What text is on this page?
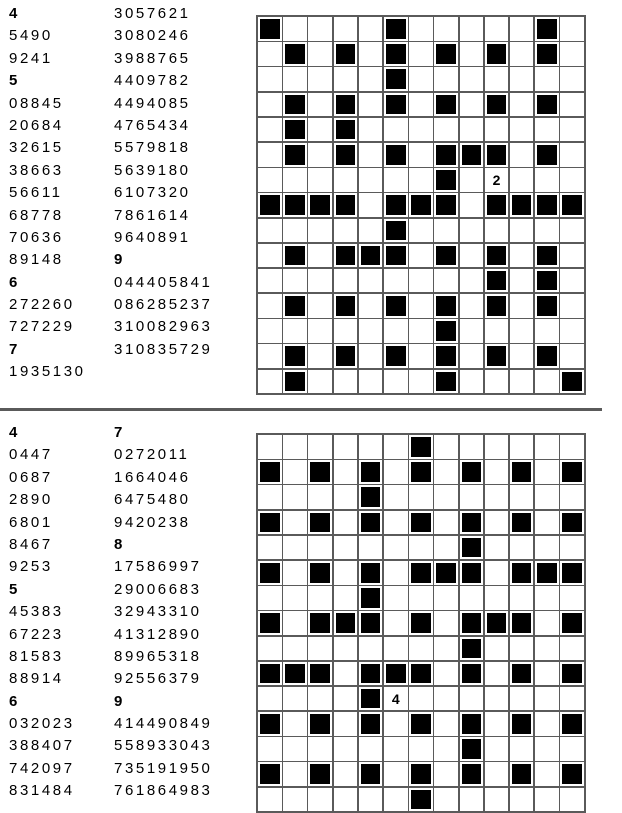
4
5490
9241
5
08845
20684
32615
38663
56611
68778
70636
89148
6
272260
727229
7
1935130
3057621
3080246
3988765
4409782
4494085
4765434
5579818
5639180
6107320
7861614
9640891
9
044405841
086285237
310082963
310835729
2
4
0447
0687
2890
6801
8467
9253
5
45383
67223
81583
88914
6
032023
388407
742097
831484
7
0272011
1664046
6475480
9420238
8
17586997
29006683
32943310
41312890
89965318
92556379
9
414490849
558933043
735191950
761864983
4
